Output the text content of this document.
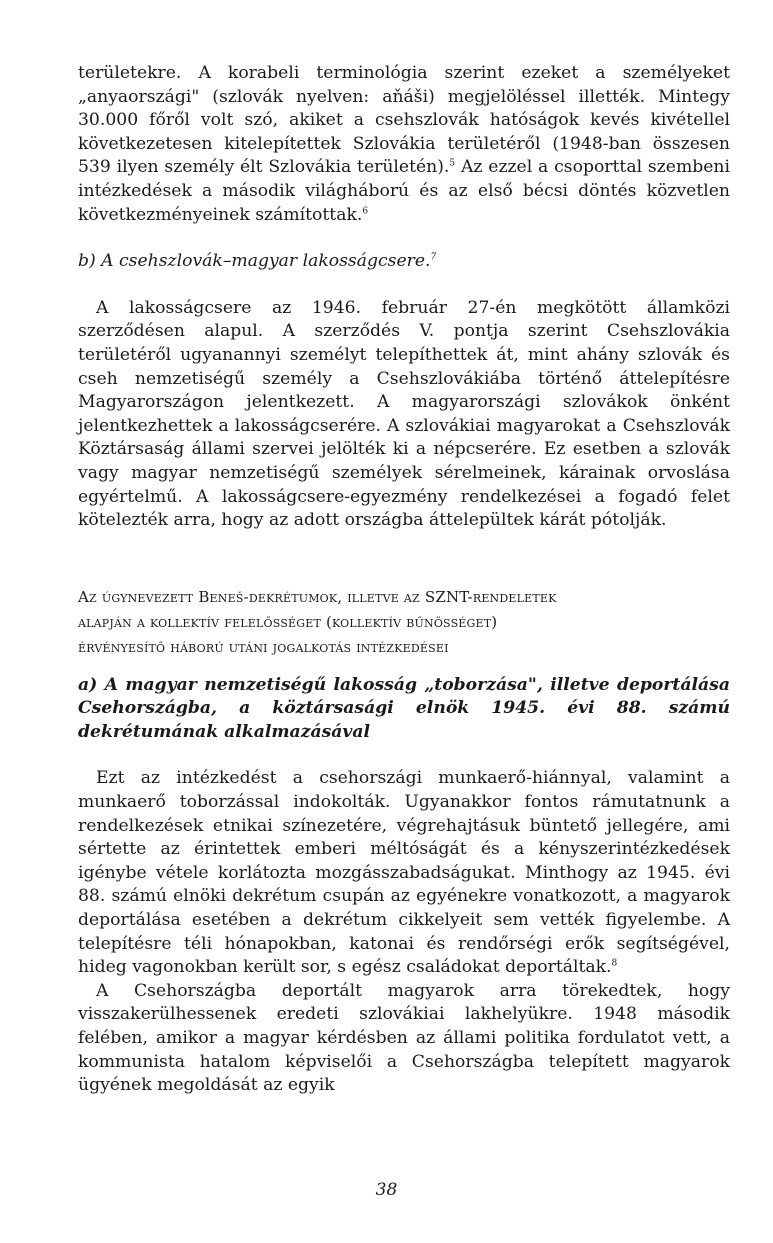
területekre. A korabeli terminológia szerint ezeket a személyeket „anyaországi" (szlovák nyelven: aňáši) megjelöléssel illették. Mintegy 30.000 főről volt szó, akiket a csehszlovák hatóságok kevés kivétellel következetesen kitelepítettek Szlovákia területéről (1948-ban összesen 539 ilyen személy élt Szlovákia területén).$^5$ Az ezzel a csoporttal szembeni intézkedések a második világháború és az első bécsi döntés közvetlen következményeinek számítottak.$^6$

b) A csehszlovák–magyar lakosságcsere.$^7$

A lakosságcsere az 1946. február 27-én megkötött államközi szerződésen alapul. A szerződés V. pontja szerint Csehszlovákia területéről ugyanannyi személyt telepíthettek át, mint ahány szlovák és cseh nemzetiségű személy a Csehszlovákiába történő áttelepítésre Magyarországon jelentkezett. A magyarországi szlovákok önként jelentkezhettek a lakosságcserére. A szlovákiai magyarokat a Csehszlovák Köztársaság állami szervei jelölték ki a népcserére. Ez esetben a szlovák vagy magyar nemzetiségű személyek sérelmeinek, kárainak orvoslása egyértelmű. A lakosságcsere-egyezmény rendelkezései a fogadó felet kötelezték arra, hogy az adott országba áttelepültek kárát pótolják.

Az úgynevezett Beneš-dekrétumok, illetve az SZNT-rendeletek

alapján a kollektív felelősséget (kollektív bűnösséget)

érvényesítő háború utáni jogalkotás intézkedései

a) A magyar nemzetiségű lakosság „toborzása", illetve deportálása Csehországba, a köztársasági elnök 1945. évi 88. számú dekrétumának alkalmazásával

Ezt az intézkedést a csehországi munkaerő-hiánnyal, valamint a munkaerő toborzással indokolták. Ugyanakkor fontos rámutatnunk a rendelkezések etnikai színezetére, végrehajtásuk büntető jellegére, ami sértette az érintettek emberi méltóságát és a kényszerintézkedések igénybe vétele korlátozta mozgásszabadságukat. Minthogy az 1945. évi 88. számú elnöki dekrétum csupán az egyénekre vonatkozott, a magyarok deportálása esetében a dekrétum cikkelyeit sem vették figyelembe. A telepítésre téli hónapokban, katonai és rendőrségi erők segítségével, hideg vagonokban került sor, s egész családokat deportáltak.$^8$

A Csehországba deportált magyarok arra törekedtek, hogy visszakerülhessenek eredeti szlovákiai lakhelyükre. 1948 második felében, amikor a magyar kérdésben az állami politika fordulatot vett, a kommunista hatalom képviselői a Csehországba telepített magyarok ügyének megoldását az egyik

38
